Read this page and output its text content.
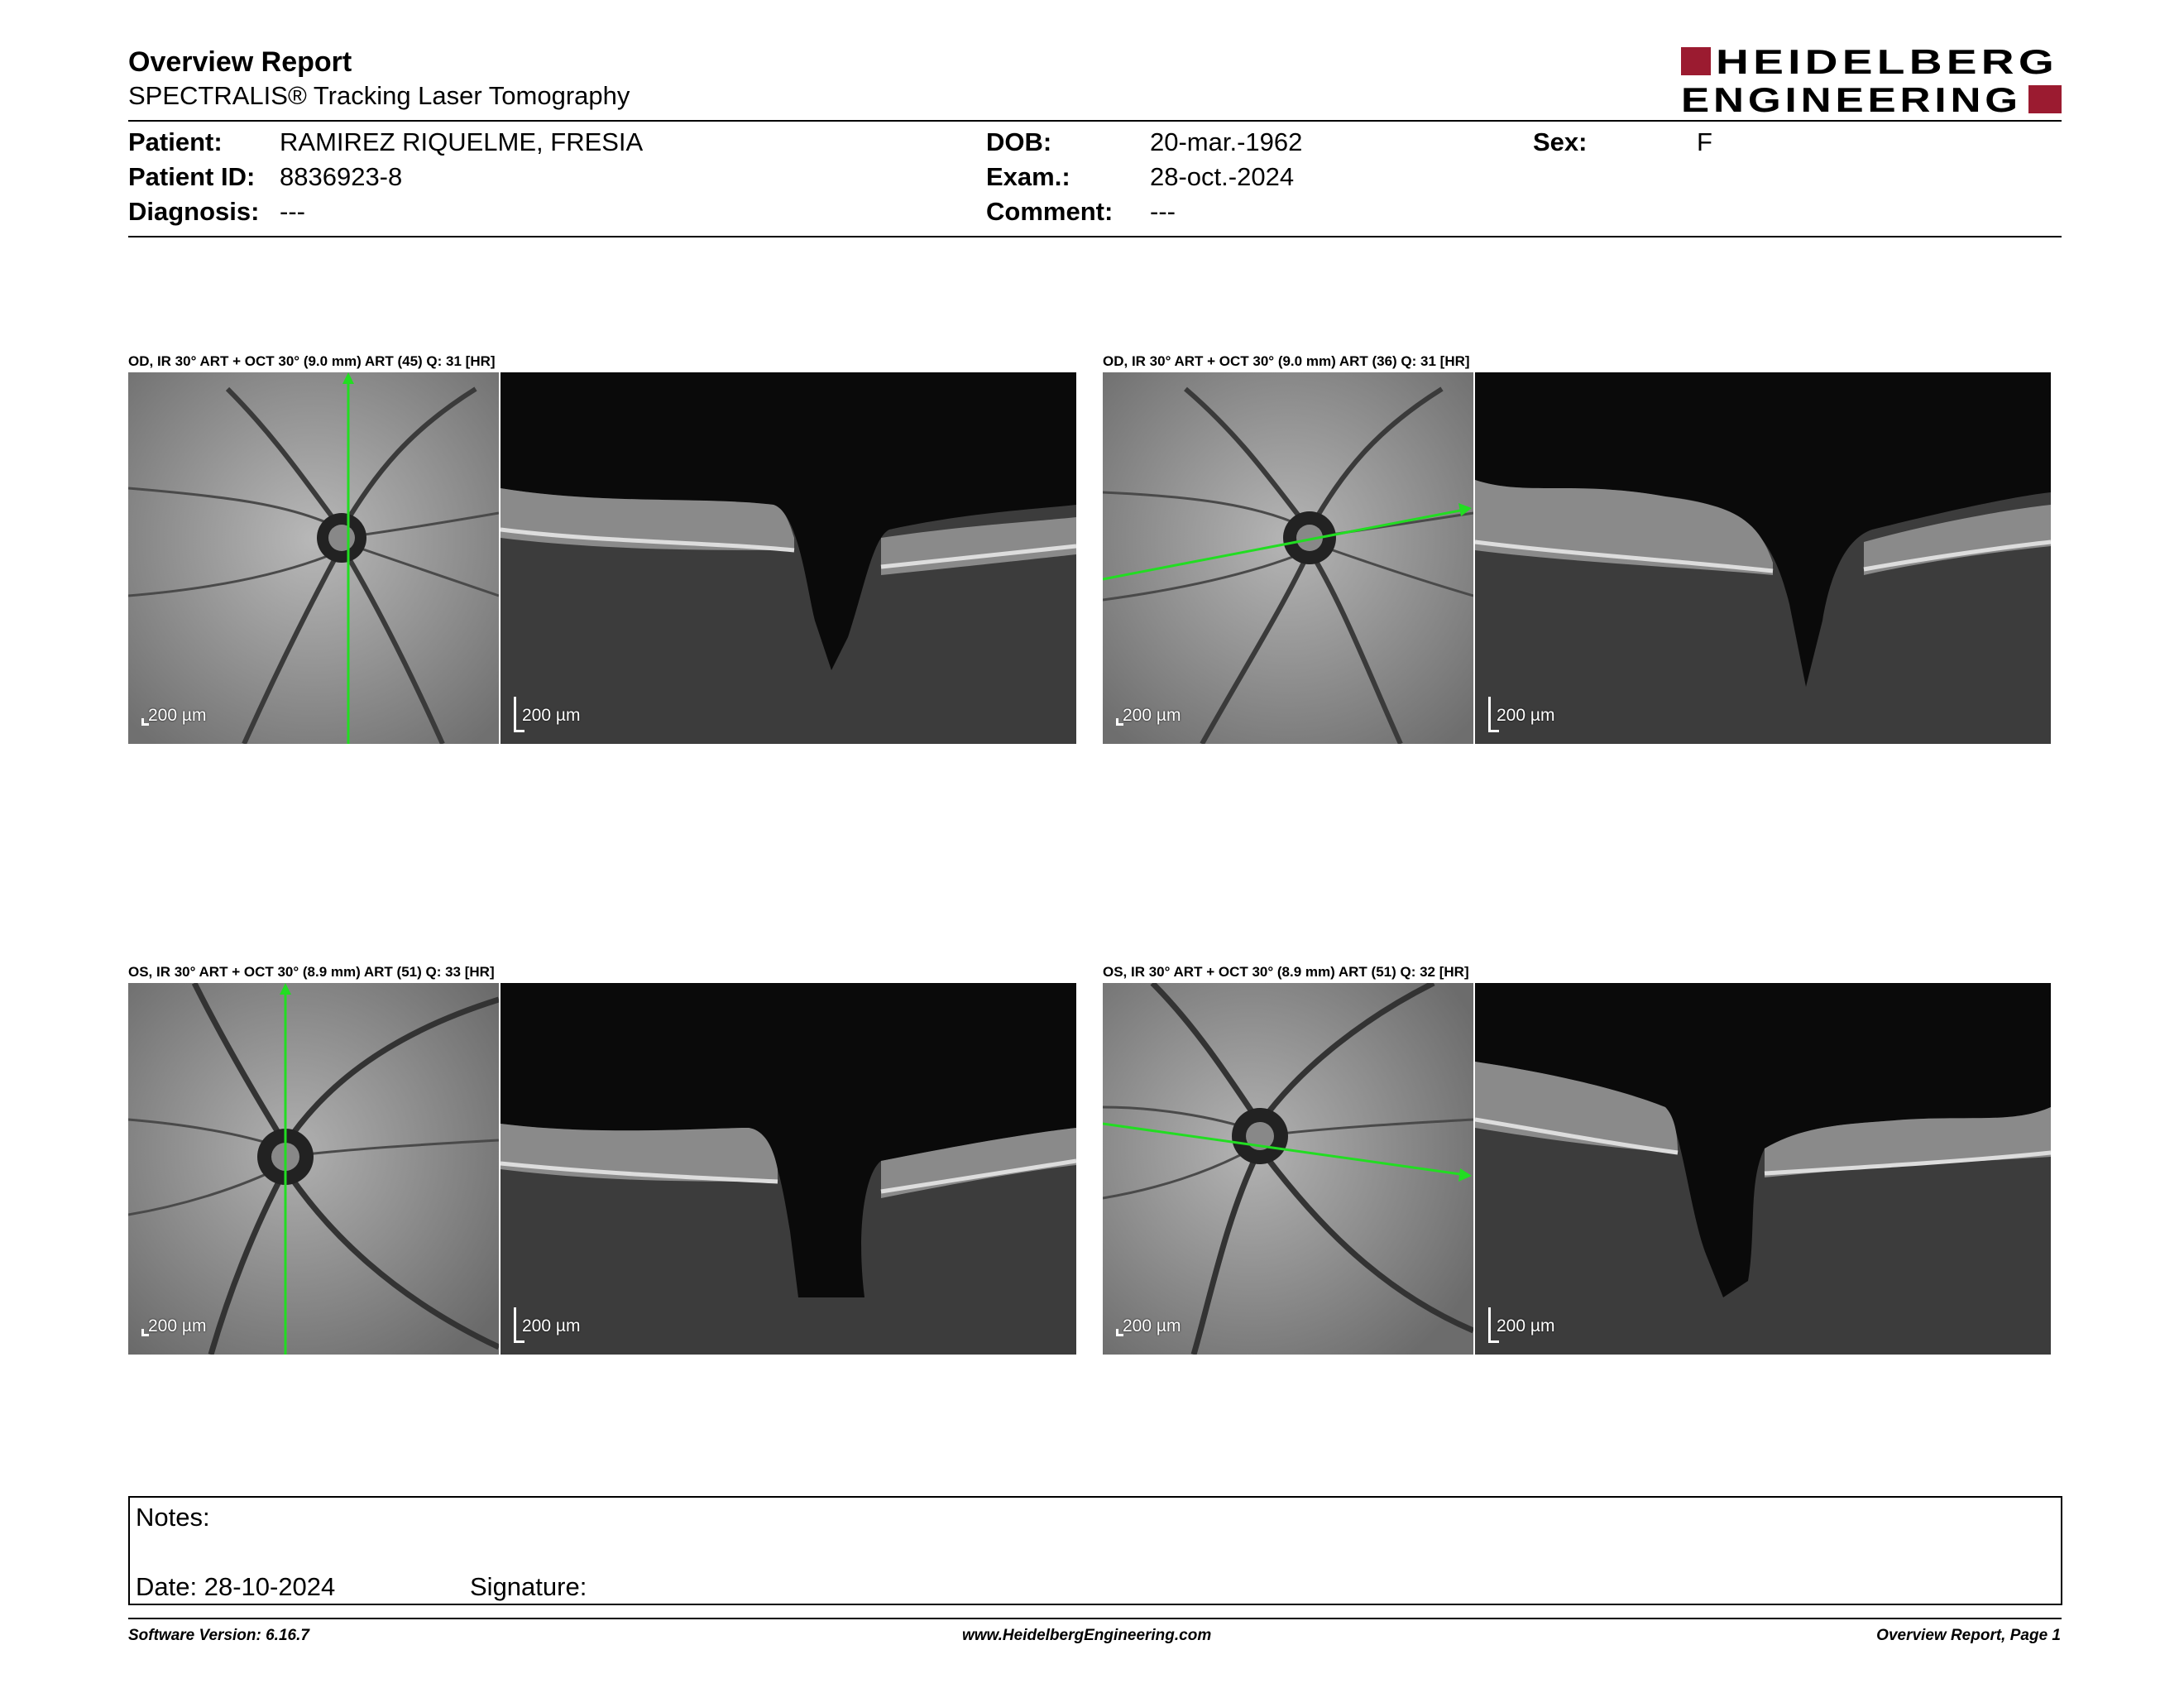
Overview Report
SPECTRALIS® Tracking Laser Tomography
HEIDELBERG
ENGINEERING
Patient: RAMIREZ RIQUELME, FRESIA
Patient ID: 8836923-8
Diagnosis: ---
DOB:	20-mar.-1962
Exam.:	28-oct.-2024
Comment: ---
Sex:	F
OD, IR 30° ART + OCT 30° (9.0 mm) ART (45) Q: 31 [HR]
200 µm	200 µm
OD, IR 30° ART + OCT 30° (9.0 mm) ART (36) Q: 31 [HR]
200 µm	200 µm
OS, IR 30° ART + OCT 30° (8.9 mm) ART (51) Q: 33 [HR]
200 µm	200 µm
OS, IR 30° ART + OCT 30° (8.9 mm) ART (51) Q: 32 [HR]
200 µm	200 µm
Notes:
Date: 28-10-2024	Signature:
Software Version: 6.16.7	www.HeidelbergEngineering.com	Overview Report, Page 1
